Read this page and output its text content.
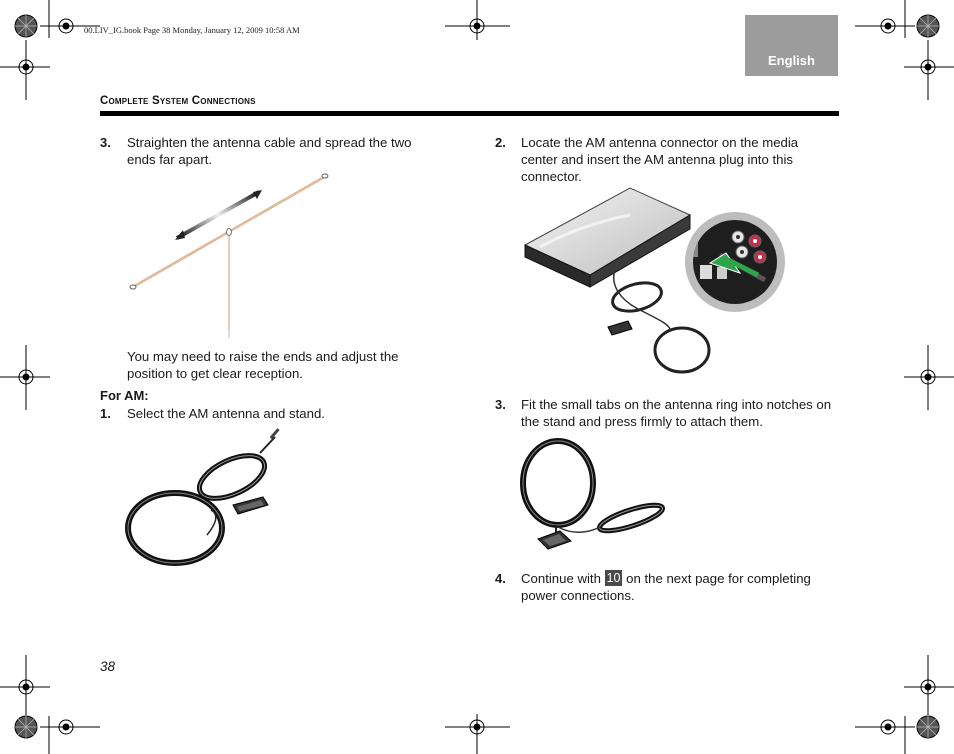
00.LIV_IG.book Page 38 Monday, January 12, 2009 10:58 AM
English
Complete System Connections
3. Straighten the antenna cable and spread the two ends far apart.
You may need to raise the ends and adjust the position to get clear reception.
For AM:
1. Select the AM antenna and stand.
2. Locate the AM antenna connector on the media center and insert the AM antenna plug into this connector.
3. Fit the small tabs on the antenna ring into notches on the stand and press firmly to attach them.
4. Continue with 10 on the next page for completing power connections.
38
